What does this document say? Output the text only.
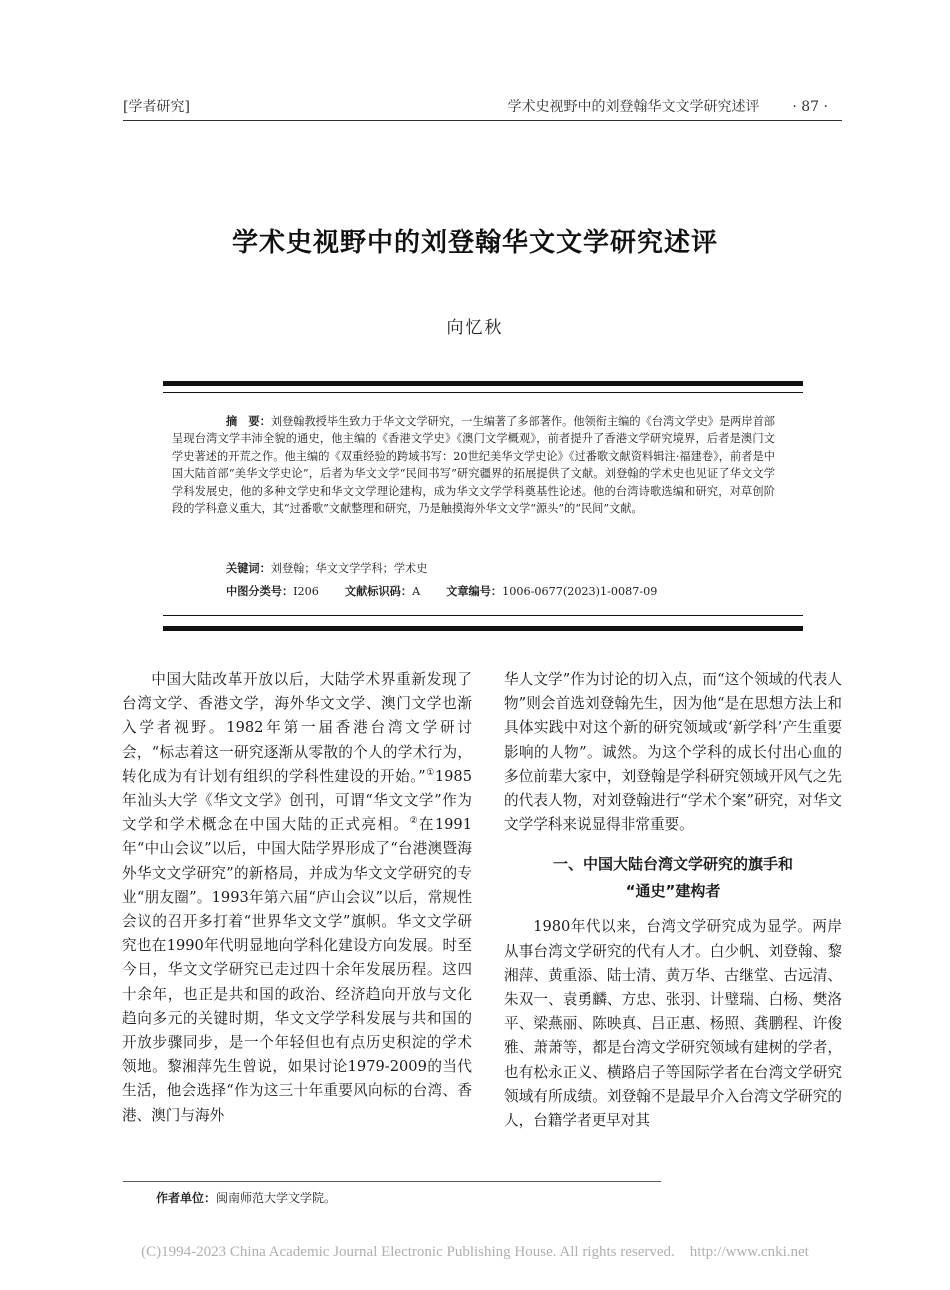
[学者研究]	学术史视野中的刘登翰华文文学研究述评 · 87 ·
学术史视野中的刘登翰华文文学研究述评
向忆秋
摘　要：刘登翰教授毕生致力于华文文学研究，一生编著了多部著作。他领衔主编的《台湾文学史》是两岸首部呈现台湾文学丰沛全貌的通史，他主编的《香港文学史》《澳门文学概观》，前者提升了香港文学研究境界，后者是澳门文学史著述的开荒之作。他主编的《双重经验的跨域书写：20世纪美华文学史论》《过番歌文献资料辑注·福建卷》，前者是中国大陆首部“美华文学史论”，后者为华文文学“民间书写”研究疆界的拓展提供了文献。刘登翰的学术史也见证了华文文学学科发展史，他的多种文学史和华文文学理论建构，成为华文文学学科奠基性论述。他的台湾诗歌选编和研究，对草创阶段的学科意义重大，其“过番歌”文献整理和研究，乃是触摸海外华文文学“源头”的“民间”文献。
关键词：刘登翰；华文文学学科；学术史
中图分类号：I206 文献标识码：A 文章编号：1006-0677(2023)1-0087-09

中国大陆改革开放以后，大陆学术界重新发现了台湾文学、香港文学，海外华文文学、澳门文学也渐入学者视野。1982年第一届香港台湾文学研讨会，“标志着这一研究逐渐从零散的个人的学术行为，转化成为有计划有组织的学科性建设的开始。”①1985年汕头大学《华文文学》创刊，可谓“华文文学”作为文学和学术概念在中国大陆的正式亮相。②在1991年“中山会议”以后，中国大陆学界形成了“台港澳暨海外华文文学研究”的新格局，并成为华文文学研究的专业“朋友圈”。1993年第六届“庐山会议”以后，常规性会议的召开多打着“世界华文文学”旗帜。华文文学研究也在1990年代明显地向学科化建设方向发展。时至今日，华文文学研究已走过四十余年发展历程。这四十余年，也正是共和国的政治、经济趋向开放与文化趋向多元的关键时期，华文文学学科发展与共和国的开放步骤同步，是一个年轻但也有点历史积淀的学术领地。黎湘萍先生曾说，如果讨论1979-2009的当代生活，他会选择“作为这三十年重要风向标的台湾、香港、澳门与海外

华人文学”作为讨论的切入点，而“这个领域的代表人物”则会首选刘登翰先生，因为他“是在思想方法上和具体实践中对这个新的研究领域或‘新学科’产生重要影响的人物”。诚然。为这个学科的成长付出心血的多位前辈大家中，刘登翰是学科研究领域开风气之先的代表人物，对刘登翰进行“学术个案”研究，对华文文学学科来说显得非常重要。

一、中国大陆台湾文学研究的旗手和
“通史”建构者

1980年代以来，台湾文学研究成为显学。两岸从事台湾文学研究的代有人才。白少帆、刘登翰、黎湘萍、黄重添、陆士清、黄万华、古继堂、古远清、朱双一、袁勇麟、方忠、张羽、计璧瑞、白杨、樊洛平、梁燕丽、陈映真、吕正惠、杨照、龚鹏程、许俊雅、萧萧等，都是台湾文学研究领域有建树的学者，也有松永正义、横路启子等国际学者在台湾文学研究领域有所成绩。刘登翰不是最早介入台湾文学研究的人，台籍学者更早对其

作者单位：闽南师范大学文学院。
(C)1994-2023 China Academic Journal Electronic Publishing House. All rights reserved.    http://www.cnki.net
